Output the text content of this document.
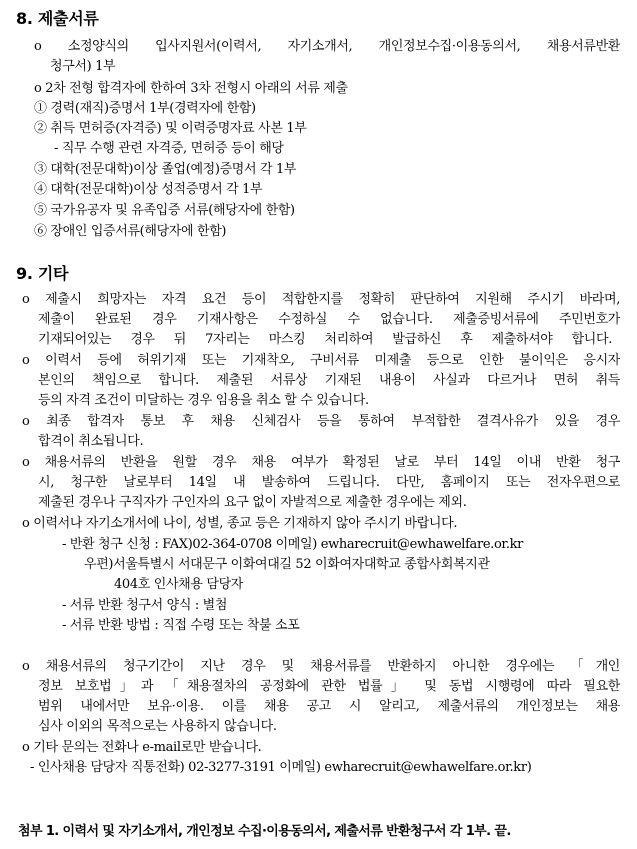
8. 제출서류
o 소정양식의 입사지원서(이력서, 자기소개서, 개인정보수집·이용동의서, 채용서류반환
청구서) 1부
o 2차 전형 합격자에 한하여 3차 전형시 아래의 서류 제출
① 경력(재직)증명서 1부(경력자에 한함)
② 취득 면허증(자격증) 및 이력증명자료 사본 1부
- 직무 수행 관련 자격증, 면허증 등이 해당
③ 대학(전문대학)이상 졸업(예정)증명서 각 1부
④ 대학(전문대학)이상 성적증명서 각 1부
⑤ 국가유공자 및 유족입증 서류(해당자에 한함)
⑥ 장애인 입증서류(해당자에 한함)
9. 기타
o 제출시 희망자는 자격 요건 등이 적합한지를 정확히 판단하여 지원해 주시기 바라며,
제출이 완료된 경우 기재사항은 수정하실 수 없습니다. 제출증빙서류에 주민번호가
기재되어있는 경우 뒤 7자리는 마스킹 처리하여 발급하신 후 제출하셔야 합니다.
o 이력서 등에 허위기재 또는 기재착오, 구비서류 미제출 등으로 인한 불이익은 응시자
본인의 책임으로 합니다. 제출된 서류상 기재된 내용이 사실과 다르거나 면허 취득
등의 자격 조건이 미달하는 경우 임용을 취소 할 수 있습니다.
o 최종 합격자 통보 후 채용 신체검사 등을 통하여 부적합한 결격사유가 있을 경우
합격이 취소됩니다.
o 채용서류의 반환을 원할 경우 채용 여부가 확정된 날로 부터 14일 이내 반환 청구
시, 청구한 날로부터 14일 내 발송하여 드립니다. 다만, 홈페이지 또는 전자우편으로
제출된 경우나 구직자가 구인자의 요구 없이 자발적으로 제출한 경우에는 제외.
o 이력서나 자기소개서에 나이, 성별, 종교 등은 기재하지 않아 주시기 바랍니다.
- 반환 청구 신청 : FAX)02-364-0708 이메일) ewharecruit@ewhawelfare.or.kr
우편)서울특별시 서대문구 이화여대길 52 이화여자대학교 종합사회복지관
404호 인사채용 담당자
- 서류 반환 청구서 양식 : 별첨
- 서류 반환 방법 : 직접 수령 또는 착불 소포
o 채용서류의 청구기간이 지난 경우 및 채용서류를 반환하지 아니한 경우에는 「개인
정보 보호법」과 「채용절차의 공정화에 관한 법률」 및 동법 시행령에 따라 필요한
범위 내에서만 보유·이용. 이를 채용 공고 시 알리고, 제출서류의 개인정보는 채용
심사 이외의 목적으로는 사용하지 않습니다.
o 기타 문의는 전화나 e-mail로만 받습니다.
- 인사채용 담당자 직통전화) 02-3277-3191 이메일) ewharecruit@ewhawelfare.or.kr)
첨부 1. 이력서 및 자기소개서, 개인정보 수집·이용동의서, 제출서류 반환청구서 각 1부. 끝.
